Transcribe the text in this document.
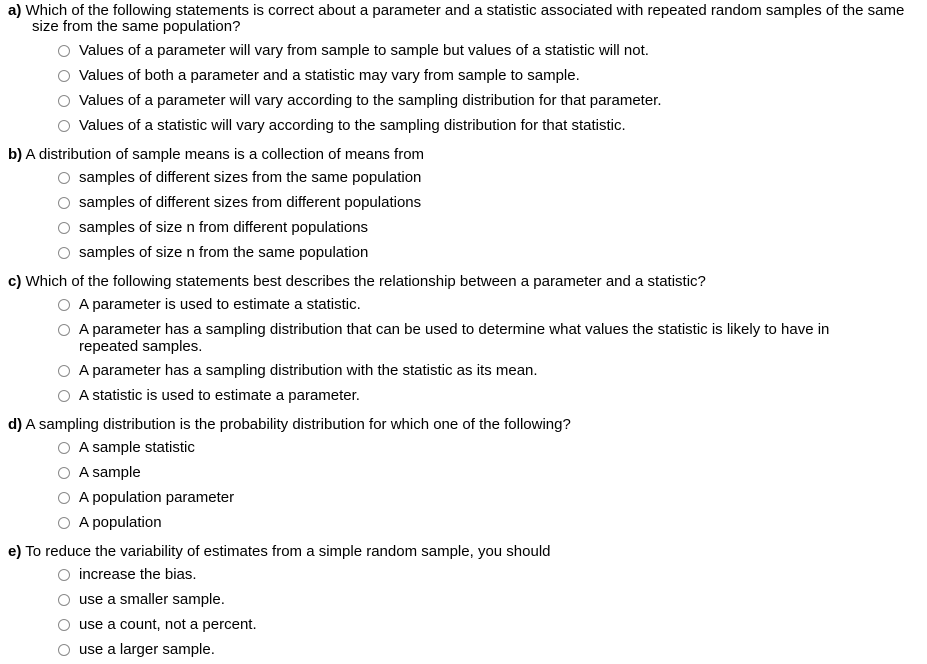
a) Which of the following statements is correct about a parameter and a statistic associated with repeated random samples of the same size from the same population?
Values of a parameter will vary from sample to sample but values of a statistic will not.
Values of both a parameter and a statistic may vary from sample to sample.
Values of a parameter will vary according to the sampling distribution for that parameter.
Values of a statistic will vary according to the sampling distribution for that statistic.
b) A distribution of sample means is a collection of means from
samples of different sizes from the same population
samples of different sizes from different populations
samples of size n from different populations
samples of size n from the same population
c) Which of the following statements best describes the relationship between a parameter and a statistic?
A parameter is used to estimate a statistic.
A parameter has a sampling distribution that can be used to determine what values the statistic is likely to have in repeated samples.
A parameter has a sampling distribution with the statistic as its mean.
A statistic is used to estimate a parameter.
d) A sampling distribution is the probability distribution for which one of the following?
A sample statistic
A sample
A population parameter
A population
e) To reduce the variability of estimates from a simple random sample, you should
increase the bias.
use a smaller sample.
use a count, not a percent.
use a larger sample.
